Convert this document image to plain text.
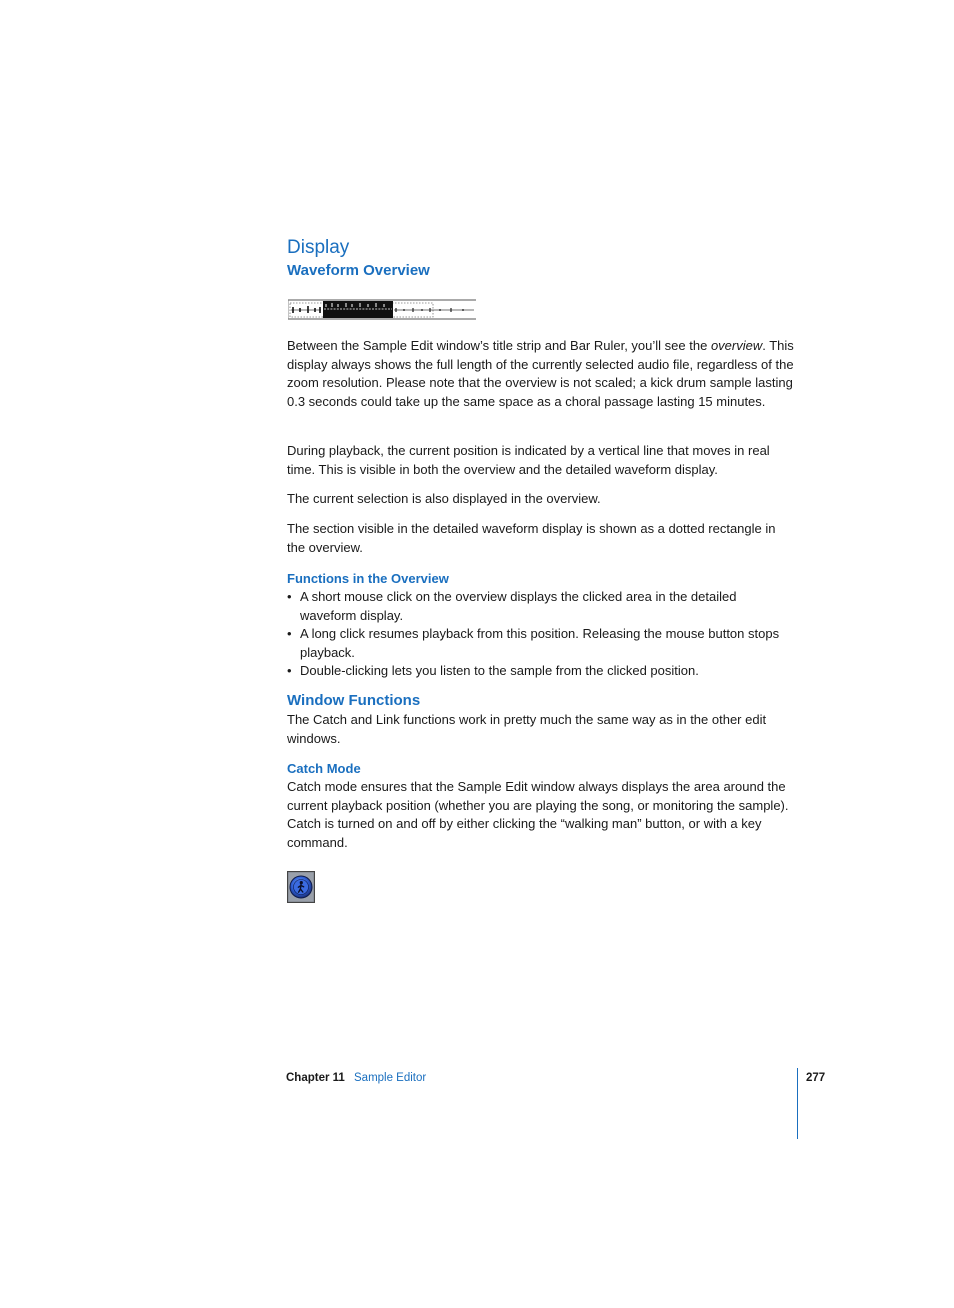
Display
Waveform Overview

Between the Sample Edit window’s title strip and Bar Ruler, you’ll see the overview. This display always shows the full length of the currently selected audio file, regardless of the zoom resolution. Please note that the overview is not scaled; a kick drum sample lasting 0.3 seconds could take up the same space as a choral passage lasting 15 minutes.

During playback, the current position is indicated by a vertical line that moves in real time. This is visible in both the overview and the detailed waveform display.

The current selection is also displayed in the overview.

The section visible in the detailed waveform display is shown as a dotted rectangle in the overview.

Functions in the Overview
• A short mouse click on the overview displays the clicked area in the detailed waveform display.
• A long click resumes playback from this position. Releasing the mouse button stops playback.
• Double-clicking lets you listen to the sample from the clicked position.
Window Functions

The Catch and Link functions work in pretty much the same way as in the other edit windows.

Catch Mode

Catch mode ensures that the Sample Edit window always displays the area around the current playback position (whether you are playing the song, or monitoring the sample). Catch is turned on and off by either clicking the “walking man” button, or with a key command.

Chapter 11 Sample Editor	277
